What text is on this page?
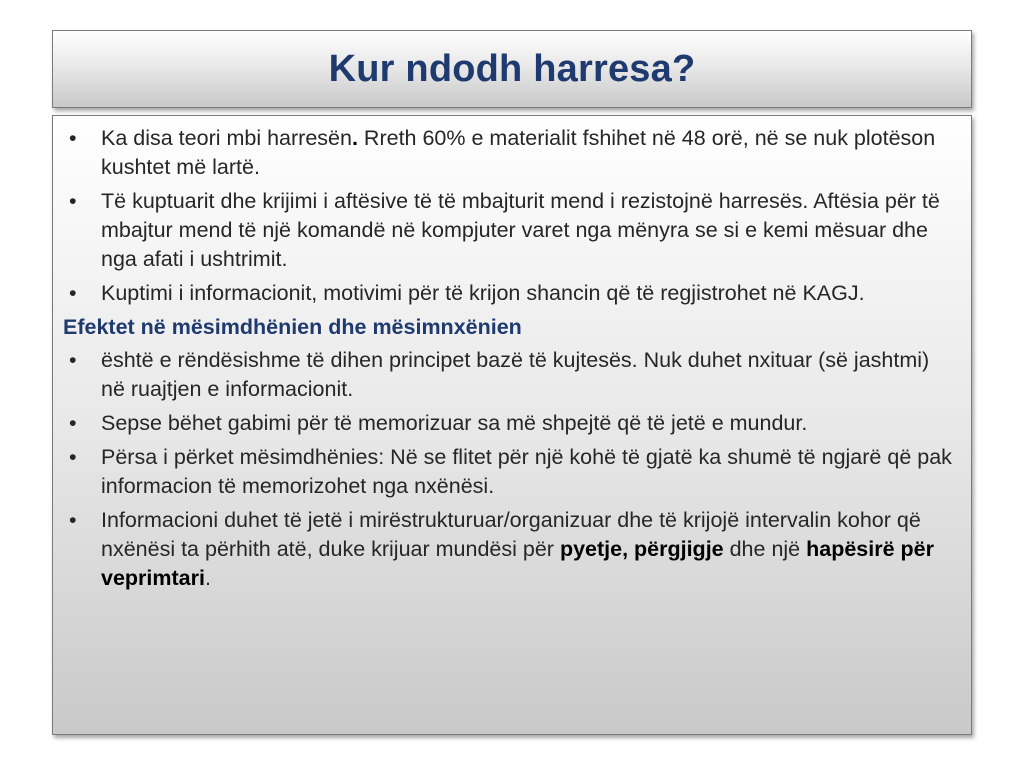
Kur ndodh harresa?
• Ka disa teori mbi harresën. Rreth 60% e materialit fshihet në 48 orë, në se nuk plotëson kushtet më lartë.
• Të kuptuarit dhe krijimi i aftësive të të mbajturit mend i rezistojnë harresës. Aftësia për të mbajtur mend të një komandë në kompjuter varet nga mënyra se si e kemi mësuar dhe nga afati i ushtrimit.
• Kuptimi i informacionit, motivimi për të krijon shancin që të regjistrohet në KAGJ.
Efektet në mësimdhënien dhe mësimnxënien
• është e rëndësishme të dihen principet bazë të kujtesës. Nuk duhet nxituar (së jashtmi) në ruajtjen e informacionit.
• Sepse bëhet gabimi për të memorizuar sa më shpejtë që të jetë e mundur.
• Përsa i përket mësimdhënies: Në se flitet për një kohë të gjatë ka shumë të ngjarë që pak informacion të memorizohet nga nxënësi.
• Informacioni duhet të jetë i mirëstrukturuar/organizuar dhe të krijojë intervalin kohor që nxënësi ta përhith atë, duke krijuar mundësi për pyetje, përgjigje dhe një hapësirë për veprimtari.
